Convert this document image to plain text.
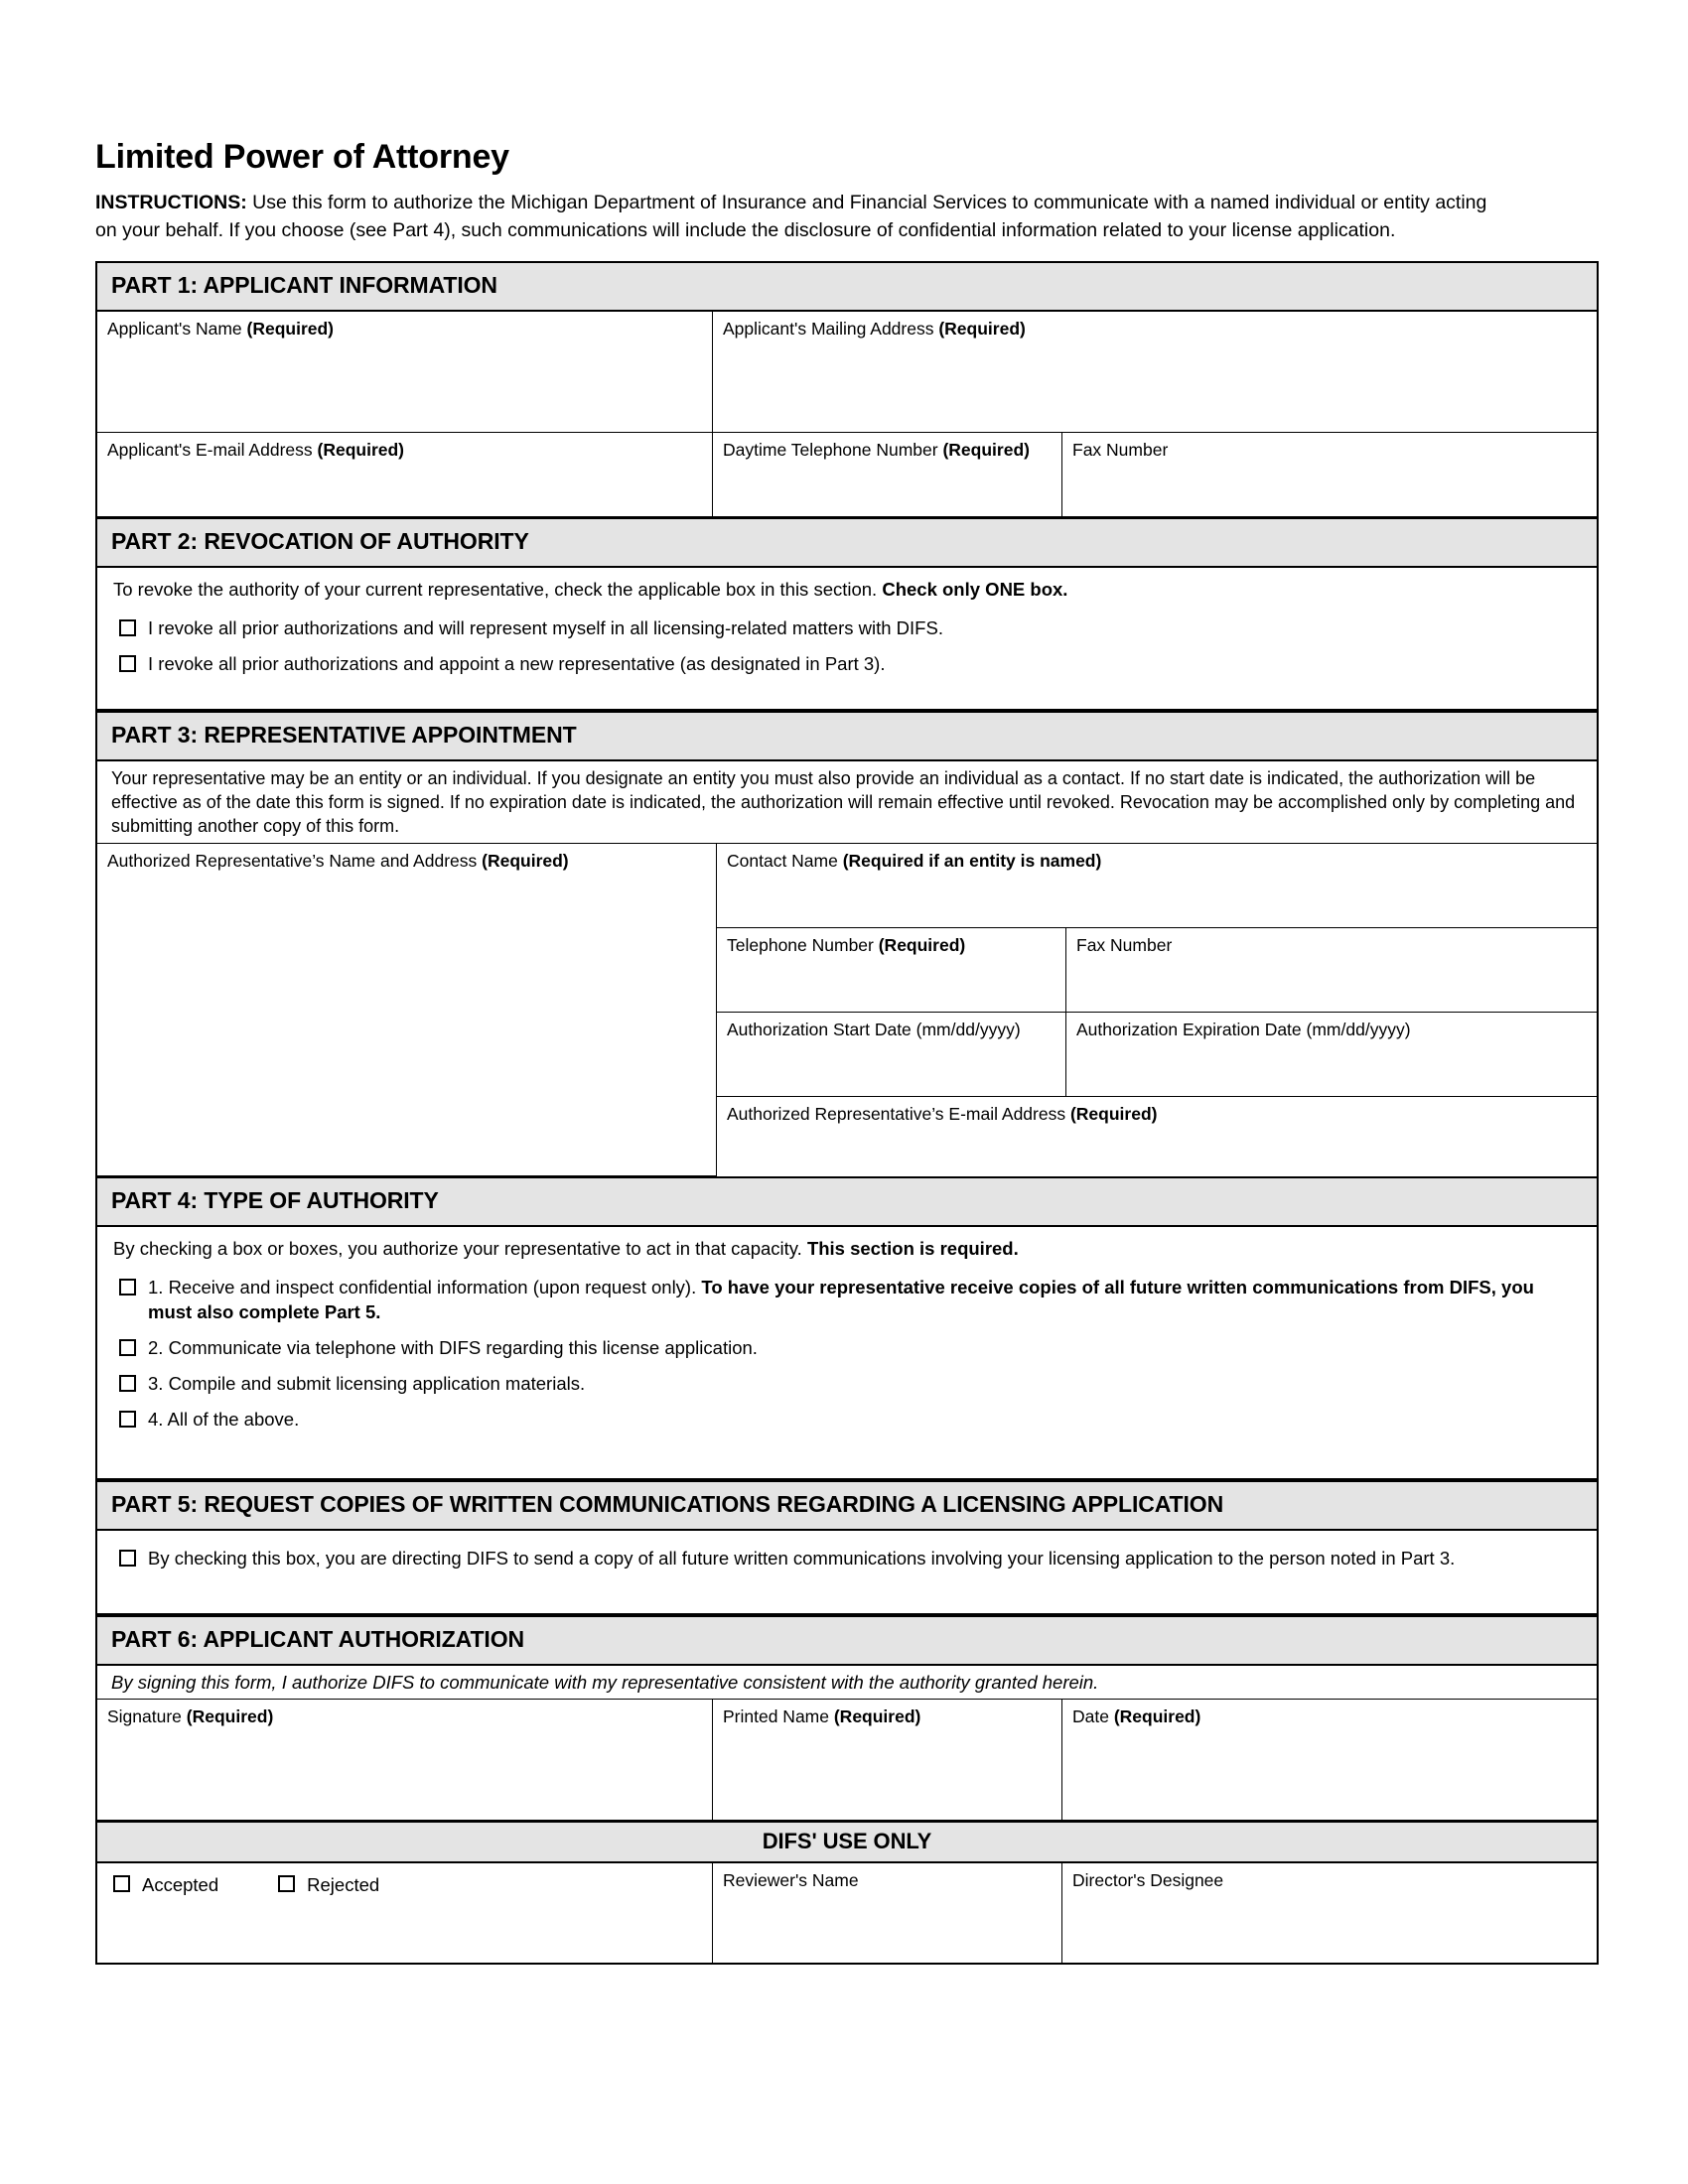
Limited Power of Attorney

INSTRUCTIONS: Use this form to authorize the Michigan Department of Insurance and Financial Services to communicate with a named individual or entity acting on your behalf. If you choose (see Part 4), such communications will include the disclosure of confidential information related to your license application.

PART 1: APPLICANT INFORMATION
Applicant's Name (Required)	Applicant's Mailing Address (Required)
Applicant's E-mail Address (Required)	Daytime Telephone Number (Required)	Fax Number
PART 2: REVOCATION OF AUTHORITY
To revoke the authority of your current representative, check the applicable box in this section. Check only ONE box.
I revoke all prior authorizations and will represent myself in all licensing-related matters with DIFS.
I revoke all prior authorizations and appoint a new representative (as designated in Part 3).
PART 3: REPRESENTATIVE APPOINTMENT
Your representative may be an entity or an individual. If you designate an entity you must also provide an individual as a contact. If no start date is indicated, the authorization will be effective as of the date this form is signed. If no expiration date is indicated, the authorization will remain effective until revoked. Revocation may be accomplished only by completing and submitting another copy of this form.
Authorized Representative’s Name and Address (Required)	Contact Name (Required if an entity is named)
Telephone Number (Required)	Fax Number
Authorization Start Date (mm/dd/yyyy)	Authorization Expiration Date (mm/dd/yyyy)
Authorized Representative’s E-mail Address (Required)
PART 4: TYPE OF AUTHORITY
By checking a box or boxes, you authorize your representative to act in that capacity. This section is required.
1. Receive and inspect confidential information (upon request only). To have your representative receive copies of all future written communications from DIFS, you must also complete Part 5.
2. Communicate via telephone with DIFS regarding this license application.
3. Compile and submit licensing application materials.
4. All of the above.
PART 5: REQUEST COPIES OF WRITTEN COMMUNICATIONS REGARDING A LICENSING APPLICATION
By checking this box, you are directing DIFS to send a copy of all future written communications involving your licensing application to the person noted in Part 3.
PART 6: APPLICANT AUTHORIZATION
By signing this form, I authorize DIFS to communicate with my representative consistent with the authority granted herein.
Signature (Required)	Printed Name (Required)	Date (Required)
DIFS' USE ONLY
Accepted	Rejected	Reviewer's Name	Director's Designee
